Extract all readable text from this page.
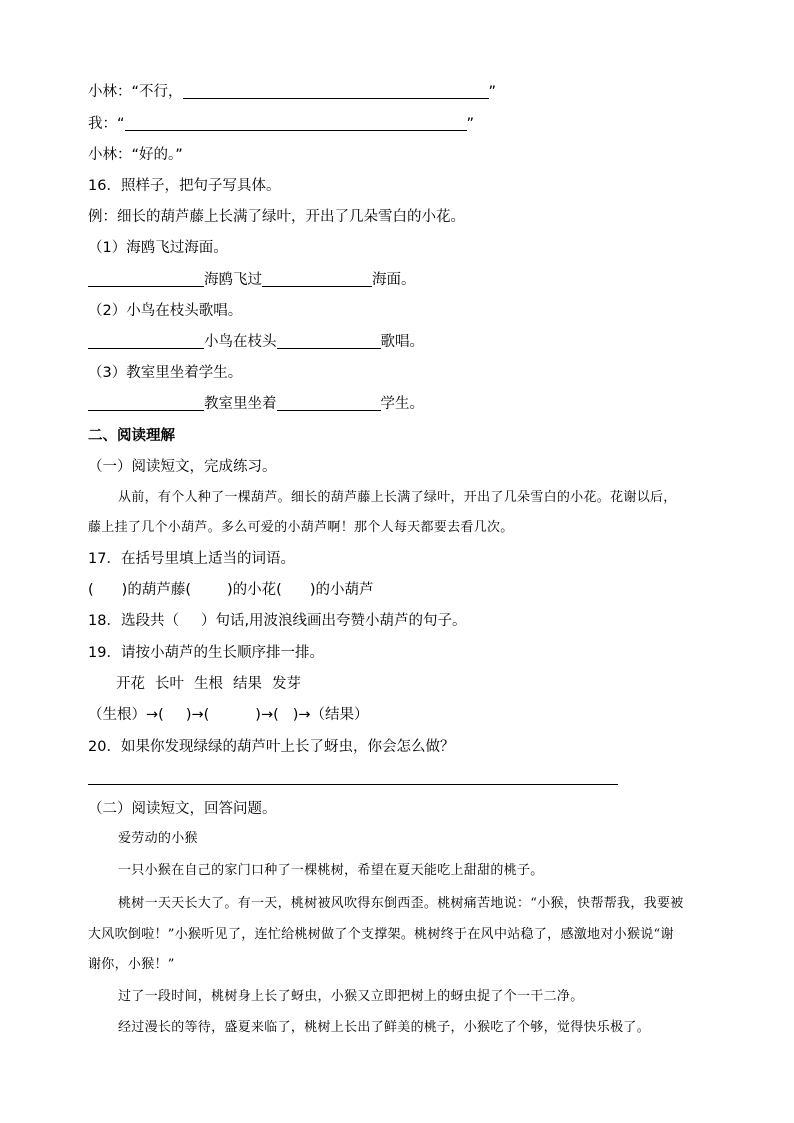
小林：“不行，	”
我：“	”
小林：“好的。”
16．照样子，把句子写具体。
例：细长的葫芦藤上长满了绿叶，开出了几朵雪白的小花。
（1）海鸥飞过海面。
海鸥飞过	海面。
（2）小鸟在枝头歌唱。
小鸟在枝头	歌唱。
（3）教室里坐着学生。
教室里坐着	学生。
二、阅读理解
（一）阅读短文，完成练习。
从前，有个人种了一棵葫芦。细长的葫芦藤上长满了绿叶，开出了几朵雪白的小花。花谢以后，
藤上挂了几个小葫芦。多么可爱的小葫芦啊！那个人每天都要去看几次。
17．在括号里填上适当的词语。
( )的葫芦藤( )的小花( )的小葫芦
18．选段共（ ）句话,用波浪线画出夸赞小葫芦的句子。
19．请按小葫芦的生长顺序排一排。
开花 长叶 生根 结果 发芽
（生根）→( )→(	)→( )→（结果）
20．如果你发现绿绿的葫芦叶上长了蚜虫，你会怎么做？
（二）阅读短文，回答问题。
爱劳动的小猴
一只小猴在自己的家门口种了一棵桃树，希望在夏天能吃上甜甜的桃子。
桃树一天天长大了。有一天，桃树被风吹得东倒西歪。桃树痛苦地说：“小猴，快帮帮我，我要被
大风吹倒啦！”小猴听见了，连忙给桃树做了个支撑架。桃树终于在风中站稳了，感激地对小猴说“谢
谢你，小猴！”
过了一段时间，桃树身上长了蚜虫，小猴又立即把树上的蚜虫捉了个一干二净。
经过漫长的等待，盛夏来临了，桃树上长出了鲜美的桃子，小猴吃了个够，觉得快乐极了。
